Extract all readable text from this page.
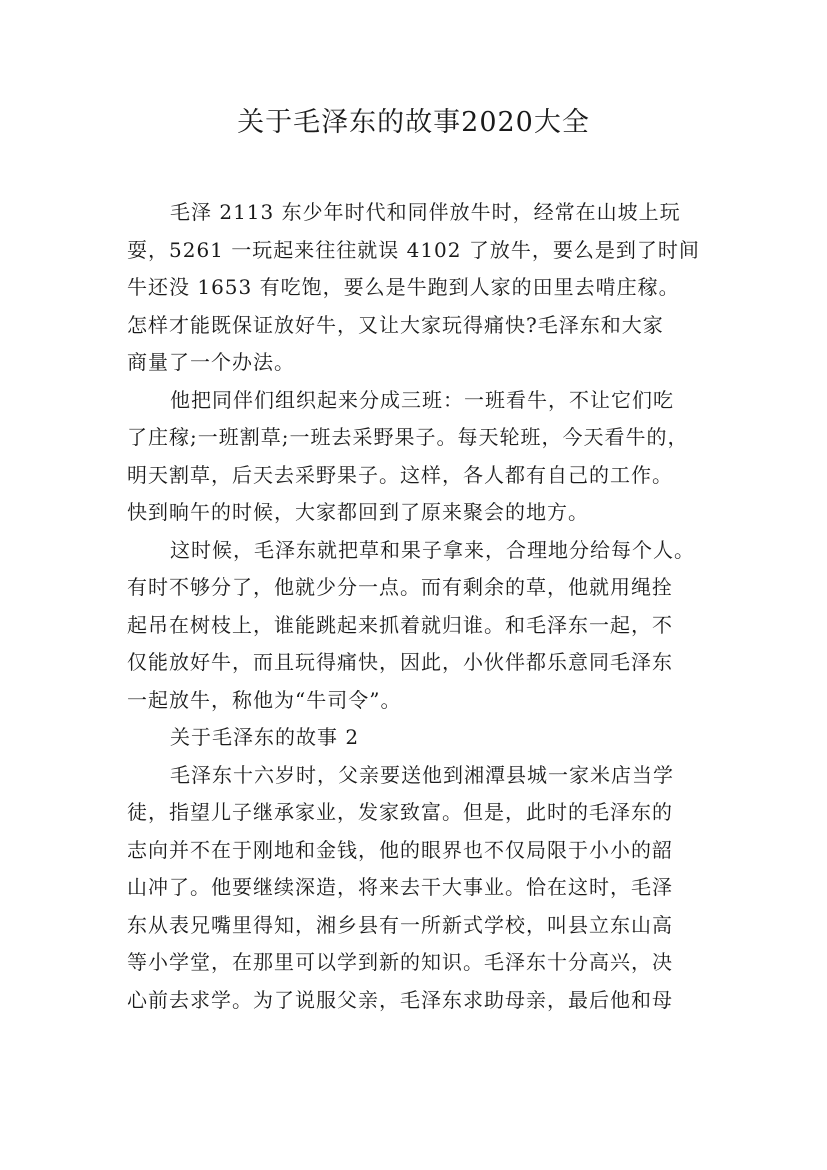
关于毛泽东的故事2020大全
毛泽 2113 东少年时代和同伴放牛时，经常在山坡上玩
耍，5261 一玩起来往往就误 4102 了放牛，要么是到了时间
牛还没 1653 有吃饱，要么是牛跑到人家的田里去啃庄稼。
怎样才能既保证放好牛，又让大家玩得痛快?毛泽东和大家
商量了一个办法。
他把同伴们组织起来分成三班：一班看牛，不让它们吃
了庄稼;一班割草;一班去采野果子。每天轮班，今天看牛的，
明天割草，后天去采野果子。这样，各人都有自己的工作。
快到晌午的时候，大家都回到了原来聚会的地方。
这时候，毛泽东就把草和果子拿来，合理地分给每个人。
有时不够分了，他就少分一点。而有剩余的草，他就用绳拴
起吊在树枝上，谁能跳起来抓着就归谁。和毛泽东一起，不
仅能放好牛，而且玩得痛快，因此，小伙伴都乐意同毛泽东
一起放牛，称他为“牛司令”。
关于毛泽东的故事 2
毛泽东十六岁时，父亲要送他到湘潭县城一家米店当学
徒，指望儿子继承家业，发家致富。但是，此时的毛泽东的
志向并不在于刚地和金钱，他的眼界也不仅局限于小小的韶
山冲了。他要继续深造，将来去干大事业。恰在这时，毛泽
东从表兄嘴里得知，湘乡县有一所新式学校，叫县立东山高
等小学堂，在那里可以学到新的知识。毛泽东十分高兴，决
心前去求学。为了说服父亲，毛泽东求助母亲，最后他和母
